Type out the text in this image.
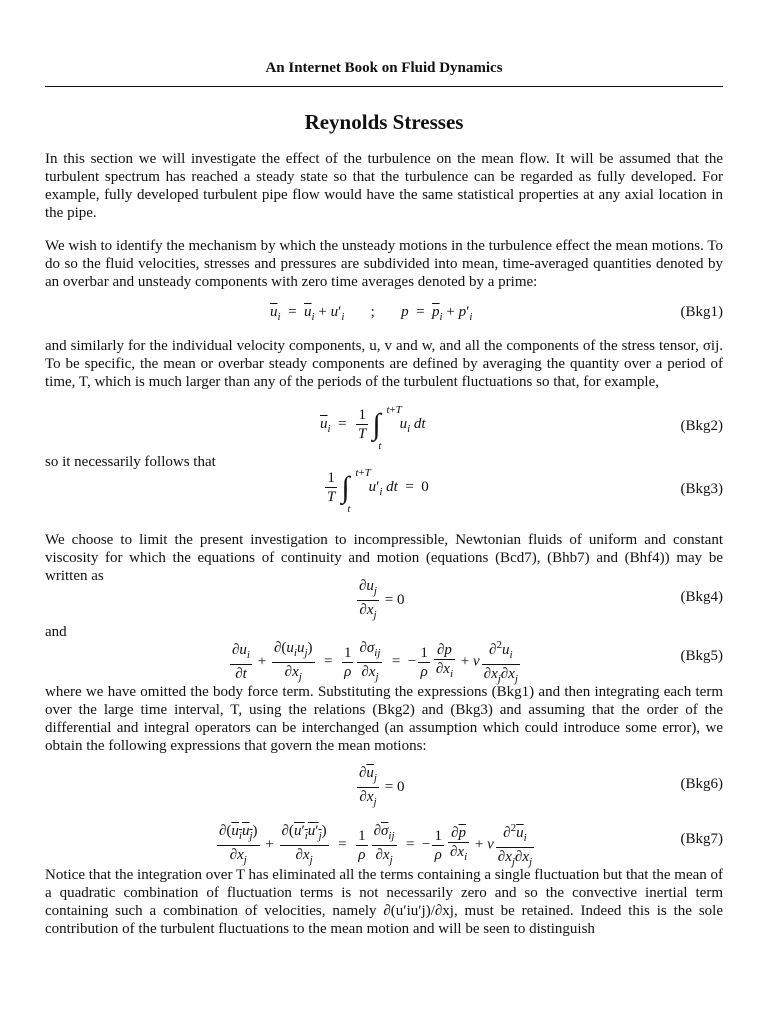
An Internet Book on Fluid Dynamics
Reynolds Stresses

In this section we will investigate the effect of the turbulence on the mean flow. It will be assumed that the turbulent spectrum has reached a steady state so that the turbulence can be regarded as fully developed. For example, fully developed turbulent pipe flow would have the same statistical properties at any axial location in the pipe.

We wish to identify the mechanism by which the unsteady motions in the turbulence effect the mean motions. To do so the fluid velocities, stresses and pressures are subdivided into mean, time-averaged quantities denoted by an overbar and unsteady components with zero time averages denoted by a prime:

$\overline{u}_i = \overline{u}_i + u'_i$       ;       $p = \overline{p}_i + p'_i$	(Bkg1)

and similarly for the individual velocity components, u, v and w, and all the components of the stress tensor, σij. To be specific, the mean or overbar steady components are defined by averaging the quantity over a period of time, T, which is much larger than any of the periods of the turbulent fluctuations so that, for example,

$\overline{u}_i = \frac{1}{T}$ ∫ t+T
t
$u_i$ dt	(Bkg2)

so it necessarily follows that

$\frac{1}{T}$ ∫ t+T
t
$u'_i$ dt  =  0	(Bkg3)

We choose to limit the present investigation to incompressible, Newtonian fluids of uniform and constant viscosity for which the equations of continuity and motion (equations (Bcd7), (Bhb7) and (Bhf4)) may be written as

$\frac{\partial u_j}{\partial x_j} = 0$	(Bkg4)

and

$\frac{\partial u_i}{\partial t} + \frac{\partial(u_iu_j)}{\partial x_j} = \frac{1}{\rho} \frac{\partial\sigma_{ij}}{\partial x_j}$ =  − $\frac{1}{\rho} \frac{\partial p}{\partial x_i} + \nu \frac{\partial^2u_i}{\partial x_j\partial x_j}$	(Bkg5)

where we have omitted the body force term. Substituting the expressions (Bkg1) and then integrating each term over the large time interval, T, using the relations (Bkg2) and (Bkg3) and assuming that the order of the differential and integral operators can be interchanged (an assumption which could introduce some error), we obtain the following expressions that govern the mean motions:

$\frac{\partial\overline{u}_j}{\partial x_j} = 0$	(Bkg6)
$\frac{\partial(u_iu_j)}{\partial x_j} + \frac{\partial(u'_iu'_j)}{\partial x_j} = \frac{1}{\rho} \frac{\partial\overline{\sigma}_{ij}}{\partial x_j}$ =  − $\frac{1}{\rho} \frac{\partial\overline{p}}{\partial x_i} + \nu \frac{\partial^2\overline{u}_i}{\partial x_j\partial x_j}$	(Bkg7)

Notice that the integration over T has eliminated all the terms containing a single fluctuation but that the mean of a quadratic combination of fluctuation terms is not necessarily zero and so the convective inertial term containing such a combination of velocities, namely ∂(u′iu′j)/∂xj, must be retained. Indeed this is the sole contribution of the turbulent fluctuations to the mean motion and will be seen to distinguish
